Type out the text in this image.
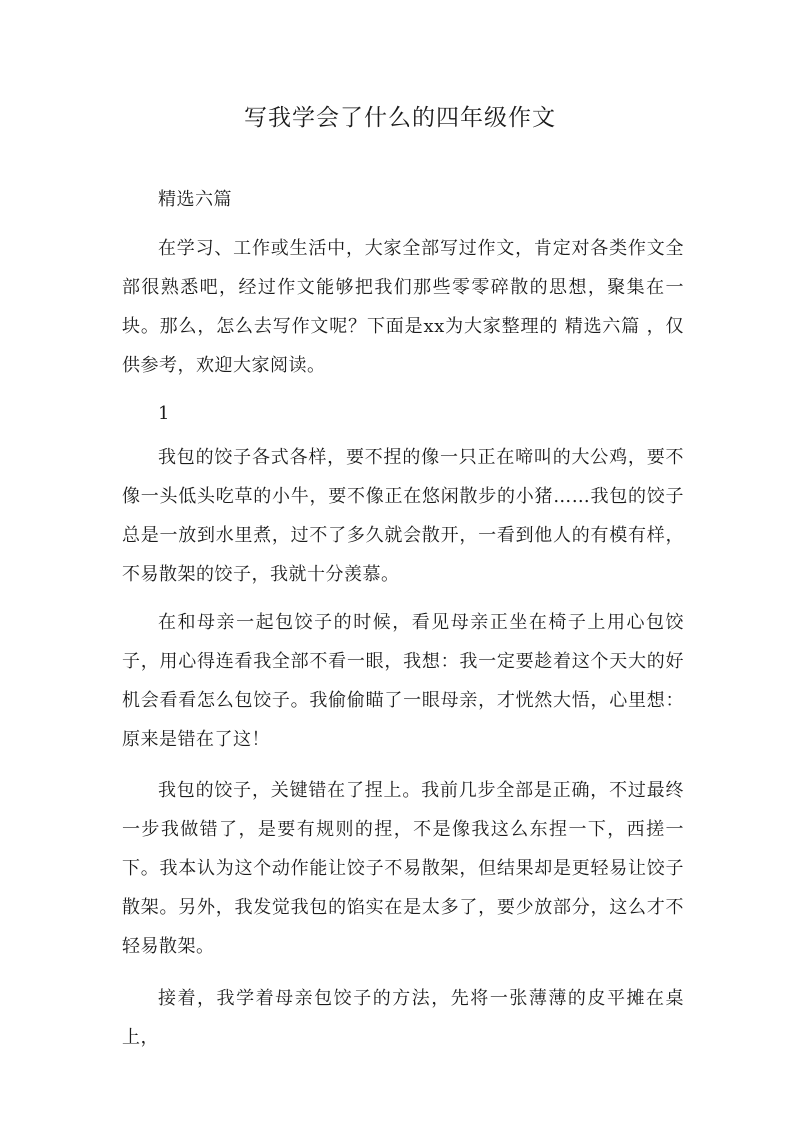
写我学会了什么的四年级作文

精选六篇

在学习、工作或生活中，大家全部写过作文，肯定对各类作文全部很熟悉吧，经过作文能够把我们那些零零碎散的思想，聚集在一块。那么，怎么去写作文呢？下面是xx为大家整理的 精选六篇 ，仅供参考，欢迎大家阅读。

1

我包的饺子各式各样，要不捏的像一只正在啼叫的大公鸡，要不像一头低头吃草的小牛，要不像正在悠闲散步的小猪……我包的饺子总是一放到水里煮，过不了多久就会散开，一看到他人的有模有样，不易散架的饺子，我就十分羡慕。

在和母亲一起包饺子的时候，看见母亲正坐在椅子上用心包饺子，用心得连看我全部不看一眼，我想：我一定要趁着这个天大的好机会看看怎么包饺子。我偷偷瞄了一眼母亲，才恍然大悟，心里想：原来是错在了这！

我包的饺子，关键错在了捏上。我前几步全部是正确，不过最终一步我做错了，是要有规则的捏，不是像我这么东捏一下，西搓一下。我本认为这个动作能让饺子不易散架，但结果却是更轻易让饺子散架。另外，我发觉我包的馅实在是太多了，要少放部分，这么才不轻易散架。

接着，我学着母亲包饺子的方法，先将一张薄薄的皮平摊在桌上，
